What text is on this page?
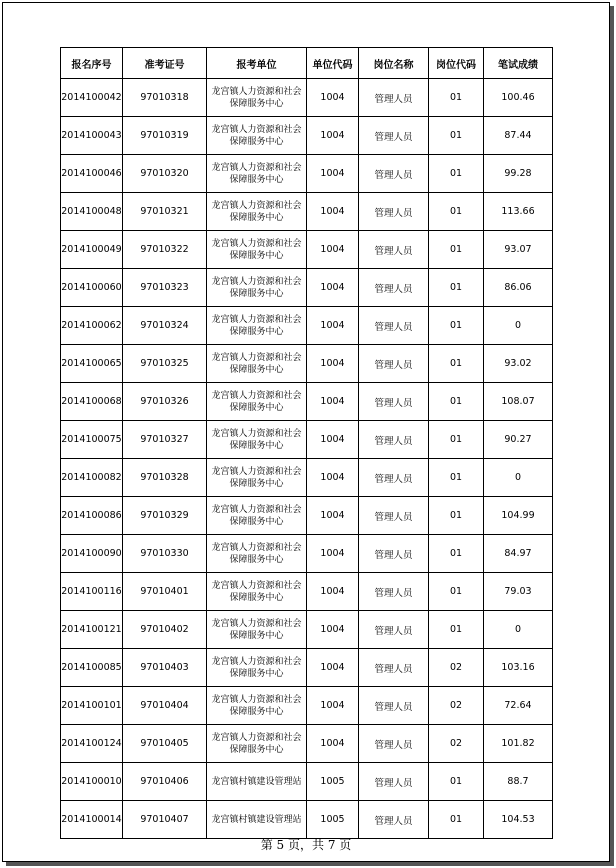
报名序号	准考证号	报考单位	单位代码	岗位名称	岗位代码	笔试成绩
2014100042	97010318	龙宫镇人力资源和社会保障服务中心	1004	管理人员	01	100.46
2014100043	97010319	龙宫镇人力资源和社会保障服务中心	1004	管理人员	01	87.44
2014100046	97010320	龙宫镇人力资源和社会保障服务中心	1004	管理人员	01	99.28
2014100048	97010321	龙宫镇人力资源和社会保障服务中心	1004	管理人员	01	113.66
2014100049	97010322	龙宫镇人力资源和社会保障服务中心	1004	管理人员	01	93.07
2014100060	97010323	龙宫镇人力资源和社会保障服务中心	1004	管理人员	01	86.06
2014100062	97010324	龙宫镇人力资源和社会保障服务中心	1004	管理人员	01	0
2014100065	97010325	龙宫镇人力资源和社会保障服务中心	1004	管理人员	01	93.02
2014100068	97010326	龙宫镇人力资源和社会保障服务中心	1004	管理人员	01	108.07
2014100075	97010327	龙宫镇人力资源和社会保障服务中心	1004	管理人员	01	90.27
2014100082	97010328	龙宫镇人力资源和社会保障服务中心	1004	管理人员	01	0
2014100086	97010329	龙宫镇人力资源和社会保障服务中心	1004	管理人员	01	104.99
2014100090	97010330	龙宫镇人力资源和社会保障服务中心	1004	管理人员	01	84.97
2014100116	97010401	龙宫镇人力资源和社会保障服务中心	1004	管理人员	01	79.03
2014100121	97010402	龙宫镇人力资源和社会保障服务中心	1004	管理人员	01	0
2014100085	97010403	龙宫镇人力资源和社会保障服务中心	1004	管理人员	02	103.16
2014100101	97010404	龙宫镇人力资源和社会保障服务中心	1004	管理人员	02	72.64
2014100124	97010405	龙宫镇人力资源和社会保障服务中心	1004	管理人员	02	101.82
2014100010	97010406	龙宫镇村镇建设管理站	1005	管理人员	01	88.7
2014100014	97010407	龙宫镇村镇建设管理站	1005	管理人员	01	104.53
第 5 页，共 7 页
